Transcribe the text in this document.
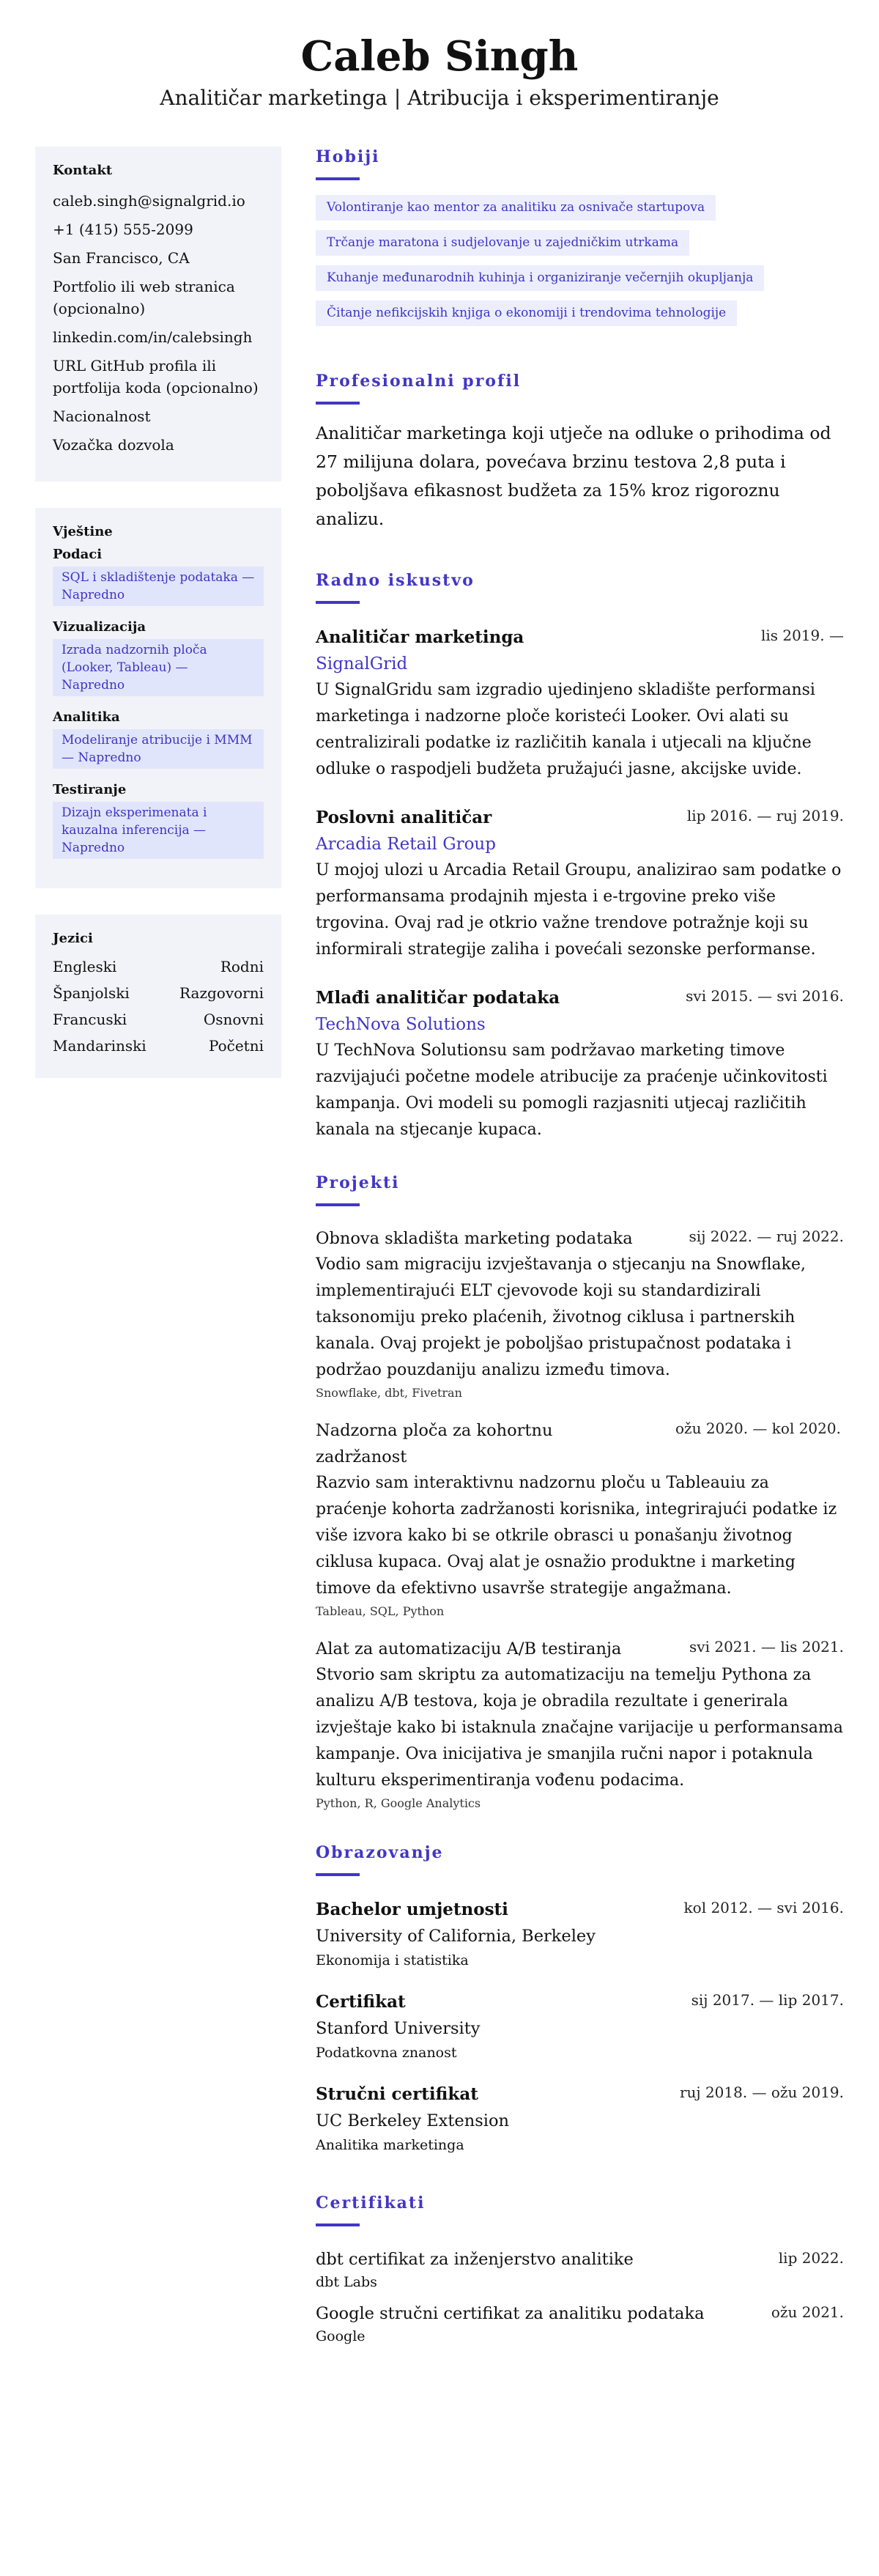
Caleb Singh
Analitičar marketinga | Atribucija i eksperimentiranje
Kontakt
caleb.singh@signalgrid.io
+1 (415) 555-2099
San Francisco, CA
Portfolio ili web stranica (opcionalno)
linkedin.com/in/calebsingh
URL GitHub profila ili portfolija koda (opcionalno)
Nacionalnost
Vozačka dozvola
Vještine
Podaci
SQL i skladištenje podataka — Napredno
Vizualizacija
Izrada nadzornih ploča (Looker, Tableau) — Napredno
Analitika
Modeliranje atribucije i MMM — Napredno
Testiranje
Dizajn eksperimenata i kauzalna inferencija — Napredno
Jezici
Engleski	Rodni
Španjolski	Razgovorni
Francuski	Osnovni
Mandarinski	Početni
Hobiji
Volontiranje kao mentor za analitiku za osnivače startupova
Trčanje maratona i sudjelovanje u zajedničkim utrkama
Kuhanje međunarodnih kuhinja i organiziranje večernjih okupljanja
Čitanje nefikcijskih knjiga o ekonomiji i trendovima tehnologije
Profesionalni profil

Analitičar marketinga koji utječe na odluke o prihodima od 27 milijuna dolara, povećava brzinu testova 2,8 puta i poboljšava efikasnost budžeta za 15% kroz rigoroznu analizu.

Radno iskustvo
Analitičar marketinga	lis 2019. —
SignalGrid

U SignalGridu sam izgradio ujedinjeno skladište performansi marketinga i nadzorne ploče koristeći Looker. Ovi alati su centralizirali podatke iz različitih kanala i utjecali na ključne odluke o raspodjeli budžeta pružajući jasne, akcijske uvide.

Poslovni analitičar	lip 2016. — ruj 2019.
Arcadia Retail Group

U mojoj ulozi u Arcadia Retail Groupu, analizirao sam podatke o performansama prodajnih mjesta i e-trgovine preko više trgovina. Ovaj rad je otkrio važne trendove potražnje koji su informirali strategije zaliha i povećali sezonske performanse.

Mlađi analitičar podataka	svi 2015. — svi 2016.
TechNova Solutions

U TechNova Solutionsu sam podržavao marketing timove razvijajući početne modele atribucije za praćenje učinkovitosti kampanja. Ovi modeli su pomogli razjasniti utjecaj različitih kanala na stjecanje kupaca.

Projekti
Obnova skladišta marketing podataka	sij 2022. — ruj 2022.

Vodio sam migraciju izvještavanja o stjecanju na Snowflake, implementirajući ELT cjevovode koji su standardizirali taksonomiju preko plaćenih, životnog ciklusa i partnerskih kanala. Ovaj projekt je poboljšao pristupačnost podataka i podržao pouzdaniju analizu između timova.

Snowflake, dbt, Fivetran
Nadzorna ploča za kohortnu zadržanost
ožu 2020. — kol 2020.

Razvio sam interaktivnu nadzornu ploču u Tableauiu za praćenje kohorta zadržanosti korisnika, integrirajući podatke iz više izvora kako bi se otkrile obrasci u ponašanju životnog ciklusa kupaca. Ovaj alat je osnažio produktne i marketing timove da efektivno usavrše strategije angažmana.

Tableau, SQL, Python
Alat za automatizaciju A/B testiranja	svi 2021. — lis 2021.

Stvorio sam skriptu za automatizaciju na temelju Pythona za analizu A/B testova, koja je obradila rezultate i generirala izvještaje kako bi istaknula značajne varijacije u performansama kampanje. Ova inicijativa je smanjila ručni napor i potaknula kulturu eksperimentiranja vođenu podacima.

Python, R, Google Analytics
Obrazovanje
Bachelor umjetnosti	kol 2012. — svi 2016.
University of California, Berkeley
Ekonomija i statistika
Certifikat	sij 2017. — lip 2017.
Stanford University
Podatkovna znanost
Stručni certifikat	ruj 2018. — ožu 2019.
UC Berkeley Extension
Analitika marketinga
Certifikati
dbt certifikat za inženjerstvo analitike	lip 2022.
dbt Labs
Google stručni certifikat za analitiku podataka	ožu 2021.
Google
